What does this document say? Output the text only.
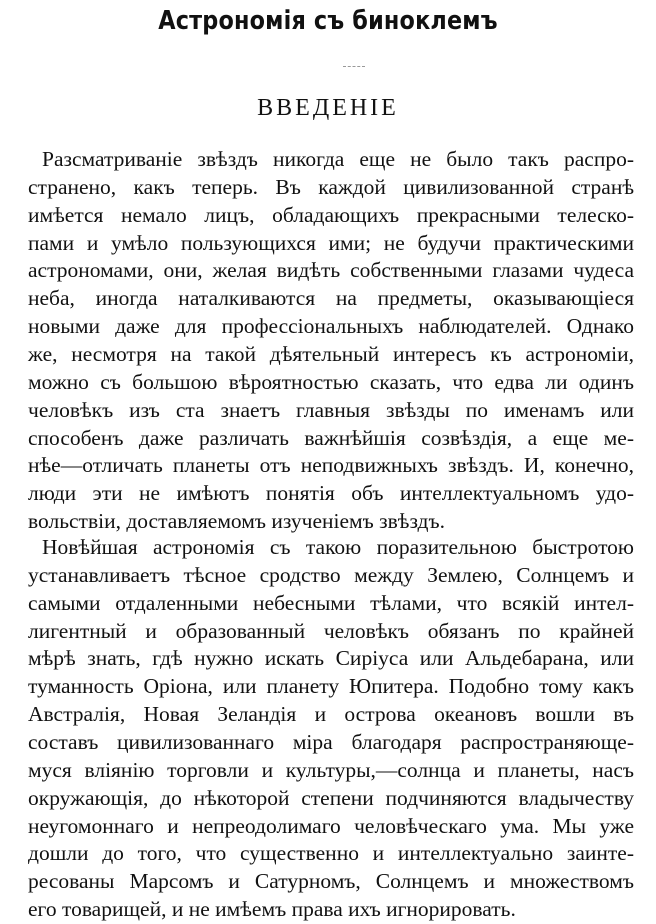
Астрономія съ биноклемъ
ВВЕДЕНІЕ
Разсматриваніе звѣздъ никогда еще не было такъ распро-
странено, какъ теперь. Въ каждой цивилизованной странѣ
имѣется немало лицъ, обладающихъ прекрасными телеско-
пами и умѣло пользующихся ими; не будучи практическими
астрономами, они, желая видѣть собственными глазами чудеса
неба, иногда наталкиваются на предметы, оказывающіеся
новыми даже для профессіональныхъ наблюдателей. Однако
же, несмотря на такой дѣятельный интересъ къ астрономіи,
можно съ большою вѣроятностью сказать, что едва ли одинъ
человѣкъ изъ ста знаетъ главныя звѣзды по именамъ или
способенъ даже различать важнѣйшія созвѣздія, а еще ме-
нѣе—отличать планеты отъ неподвижныхъ звѣздъ. И, конечно,
люди эти не имѣютъ понятія объ интеллектуальномъ удо-
вольствіи, доставляемомъ изученіемъ звѣздъ.
Новѣйшая астрономія съ такою поразительною быстротою
устанавливаетъ тѣсное сродство между Землею, Солнцемъ и
самыми отдаленными небесными тѣлами, что всякій интел-
лигентный и образованный человѣкъ обязанъ по крайней
мѣрѣ знать, гдѣ нужно искать Сиріуса или Альдебарана, или
туманность Оріона, или планету Юпитера. Подобно тому какъ
Австралія, Новая Зеландія и острова океановъ вошли въ
составъ цивилизованнаго міра благодаря распространяюще-
муся вліянію торговли и культуры,—солнца и планеты, насъ
окружающія, до нѣкоторой степени подчиняются владычеству
неугомоннаго и непреодолимаго человѣческаго ума. Мы уже
дошли до того, что существенно и интеллектуально заинте-
ресованы Марсомъ и Сатурномъ, Солнцемъ и множествомъ
его товарищей, и не имѣемъ права ихъ игнорировать.
